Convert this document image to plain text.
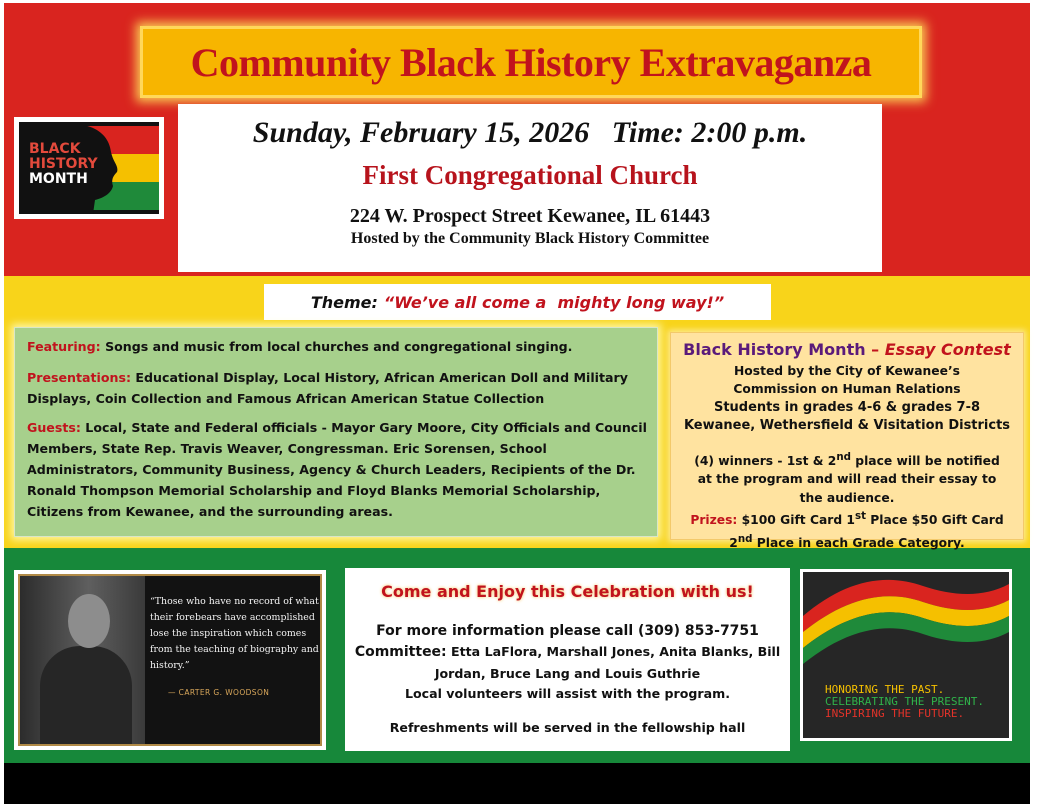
Community Black History Extravaganza
BLACK
HISTORY
MONTH
Sunday, February 15, 2026   Time: 2:00 p.m.
First Congregational Church
224 W. Prospect Street Kewanee, IL 61443
Hosted by the Community Black History Committee
Theme: “We’ve all come a  mighty long way!”

Featuring: Songs and music from local churches and congregational singing.

Presentations: Educational Display, Local History, African American Doll and Military Displays, Coin Collection and Famous African American Statue Collection

Guests: Local, State and Federal officials - Mayor Gary Moore, City Officials and Council Members, State Rep. Travis Weaver, Congressman. Eric Sorensen, School Administrators, Community Business, Agency & Church Leaders, Recipients of the Dr. Ronald Thompson Memorial Scholarship and Floyd Blanks Memorial Scholarship, Citizens from Kewanee, and the surrounding areas.

Black History Month – Essay Contest
Hosted by the City of Kewanee’s
Commission on Human Relations
Students in grades 4-6 & grades 7-8
Kewanee, Wethersfield & Visitation Districts
(4) winners - 1st & 2nd place will be notified at the program and will read their essay to the audience.
Prizes: $100 Gift Card 1st Place $50 Gift Card 2nd Place in each Grade Category.
“Those who have no record of what their forebears have accomplished lose the inspiration which comes from the teaching of biography and history.”
— CARTER G. WOODSON
Come and Enjoy this Celebration with us!
For more information please call (309) 853-7751
Committee: Etta LaFlora, Marshall Jones, Anita Blanks, Bill Jordan, Bruce Lang and Louis Guthrie
Local volunteers will assist with the program.
Refreshments will be served in the fellowship hall
HONORING THE PAST.
CELEBRATING THE PRESENT.
INSPIRING THE FUTURE.
